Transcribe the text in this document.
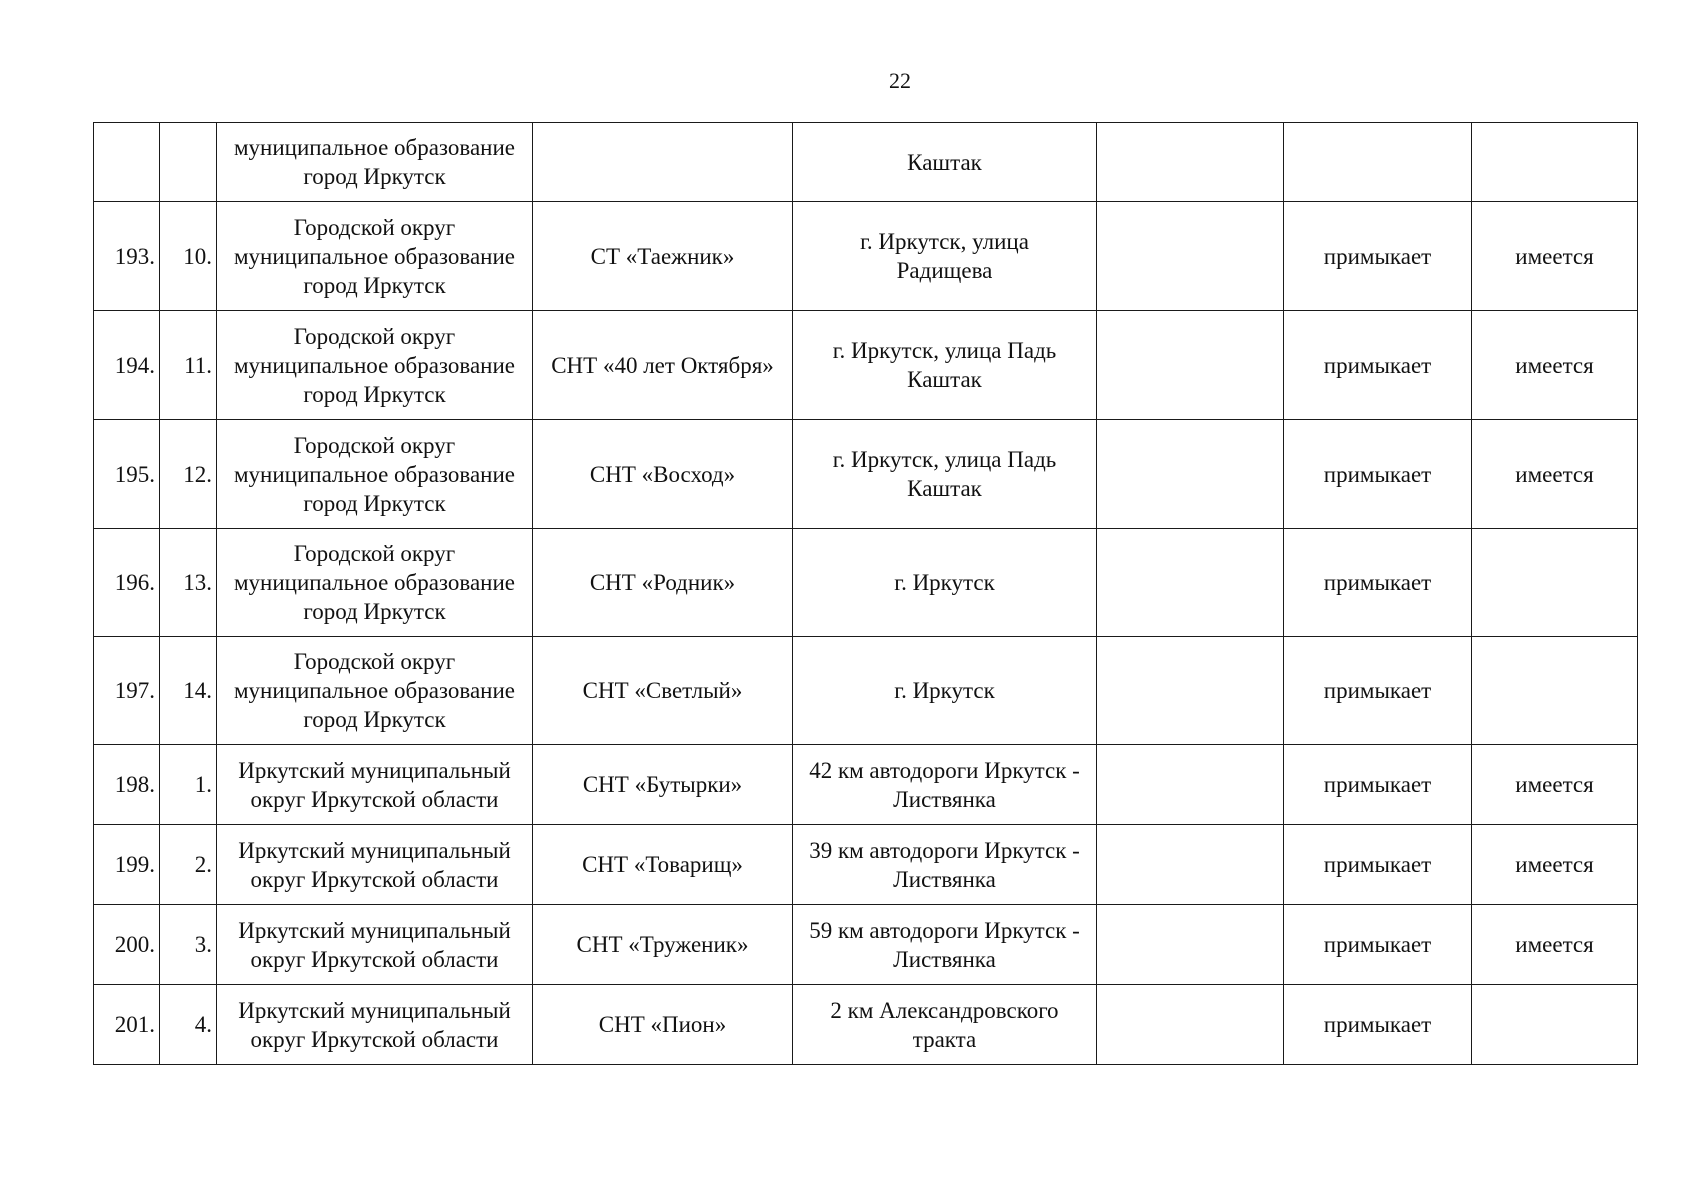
22
		муниципальное образование
город Иркутск		Каштак			
193.	10.	Городской округ
муниципальное образование
город Иркутск	СТ «Таежник»	г. Иркутск, улица
Радищева		примыкает	имеется
194.	11.	Городской округ
муниципальное образование
город Иркутск	СНТ «40 лет Октября»	г. Иркутск, улица Падь
Каштак		примыкает	имеется
195.	12.	Городской округ
муниципальное образование
город Иркутск	СНТ «Восход»	г. Иркутск, улица Падь
Каштак		примыкает	имеется
196.	13.	Городской округ
муниципальное образование
город Иркутск	СНТ «Родник»	г. Иркутск		примыкает	
197.	14.	Городской округ
муниципальное образование
город Иркутск	СНТ «Светлый»	г. Иркутск		примыкает	
198.	1.	Иркутский муниципальный
округ Иркутской области	СНТ «Бутырки»	42 км автодороги Иркутск -
Листвянка		примыкает	имеется
199.	2.	Иркутский муниципальный
округ Иркутской области	СНТ «Товарищ»	39 км автодороги Иркутск -
Листвянка		примыкает	имеется
200.	3.	Иркутский муниципальный
округ Иркутской области	СНТ «Труженик»	59 км автодороги Иркутск -
Листвянка		примыкает	имеется
201.	4.	Иркутский муниципальный
округ Иркутской области	СНТ «Пион»	2 км Александровского
тракта		примыкает	
